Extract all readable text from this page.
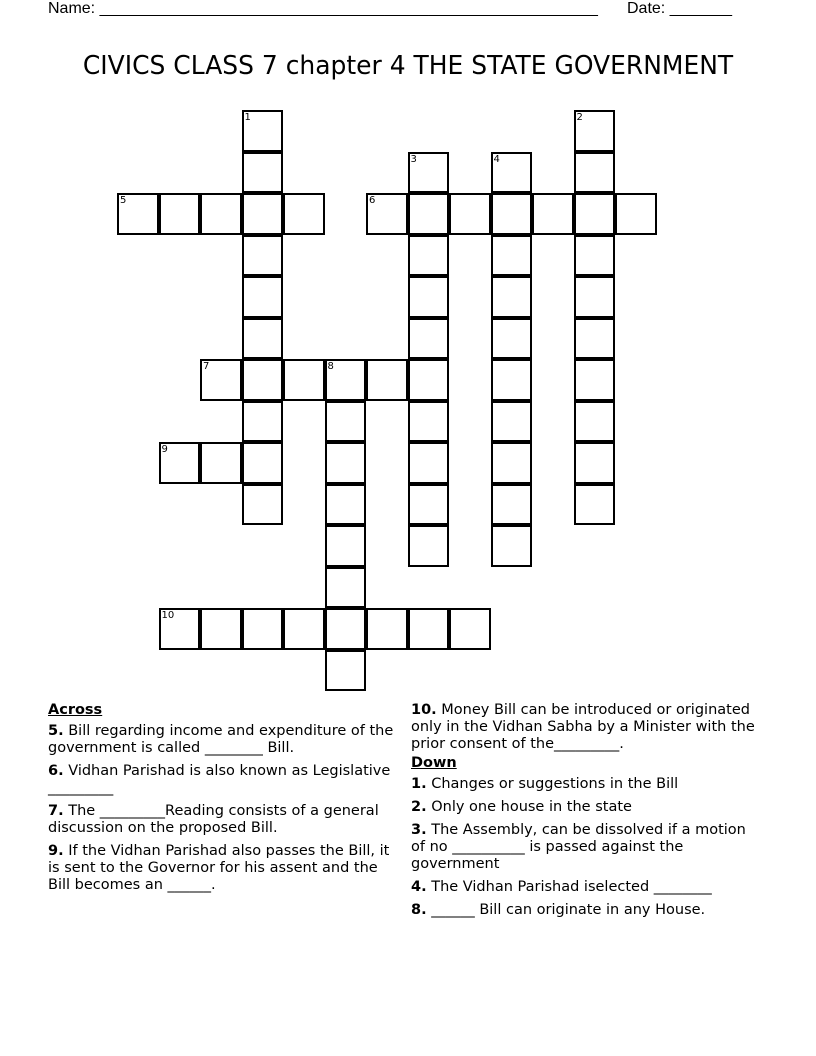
Name: ________________________________________________________ Date: _______
CIVICS CLASS 7 chapter 4 THE STATE GOVERNMENT
1	2
3	4
5	6
7	8
9
10
Across
5. Bill regarding income and expenditure of the government is called ________ Bill.
6. Vidhan Parishad is also known as Legislative _________
7. The _________Reading consists of a general discussion on the proposed Bill.
9. If the Vidhan Parishad also passes the Bill, it is sent to the Governor for his assent and the Bill becomes an ______.
10. Money Bill can be introduced or originated only in the Vidhan Sabha by a Minister with the prior consent of the_________.
Down
1. Changes or suggestions in the Bill
2. Only one house in the state
3. The Assembly, can be dissolved if a motion of no __________ is passed against the government
4. The Vidhan Parishad iselected ________
8. ______ Bill can originate in any House.
